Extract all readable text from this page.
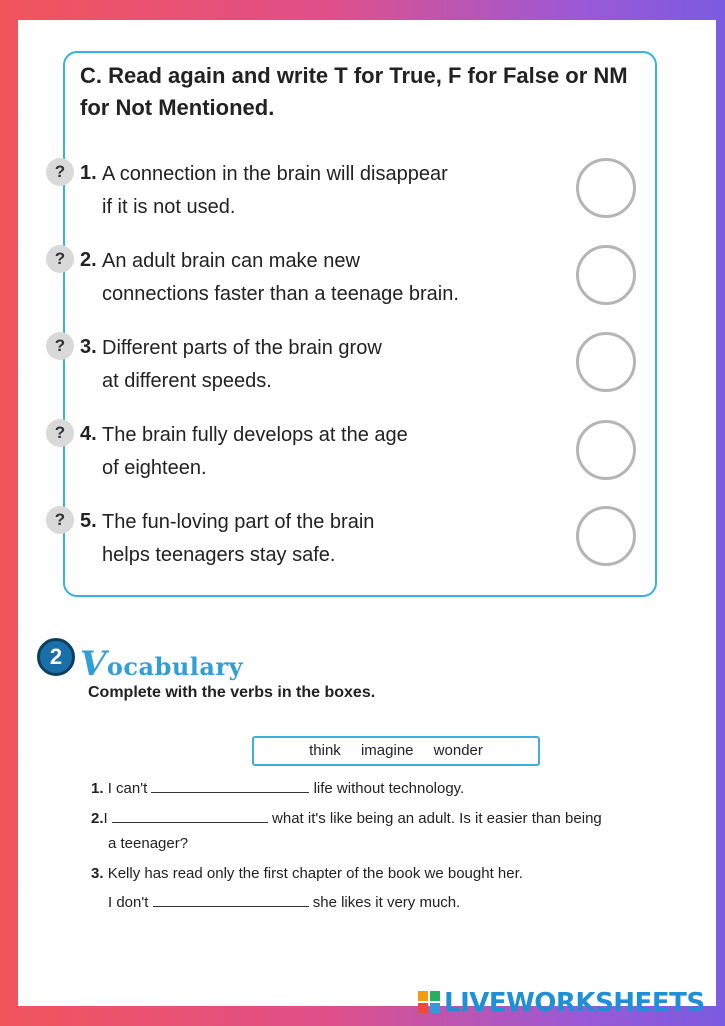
C. Read again and write T for True, F for False or NM for Not Mentioned.
? 1. A connection in the brain will disappear
if it is not used.
? 2. An adult brain can make new
connections faster than a teenage brain.
? 3. Different parts of the brain grow
at different speeds.
? 4. The brain fully develops at the age
of eighteen.
? 5. The fun-loving part of the brain
helps teenagers stay safe.
2 Vocabulary
Complete with the verbs in the boxes.
think imagine wonder
1. I can't	life without technology.
2.I	what it's like being an adult. Is it easier than being
a teenager?
3. Kelly has read only the first chapter of the book we bought her.
I don't	she likes it very much.
LIVEWORKSHEETS
